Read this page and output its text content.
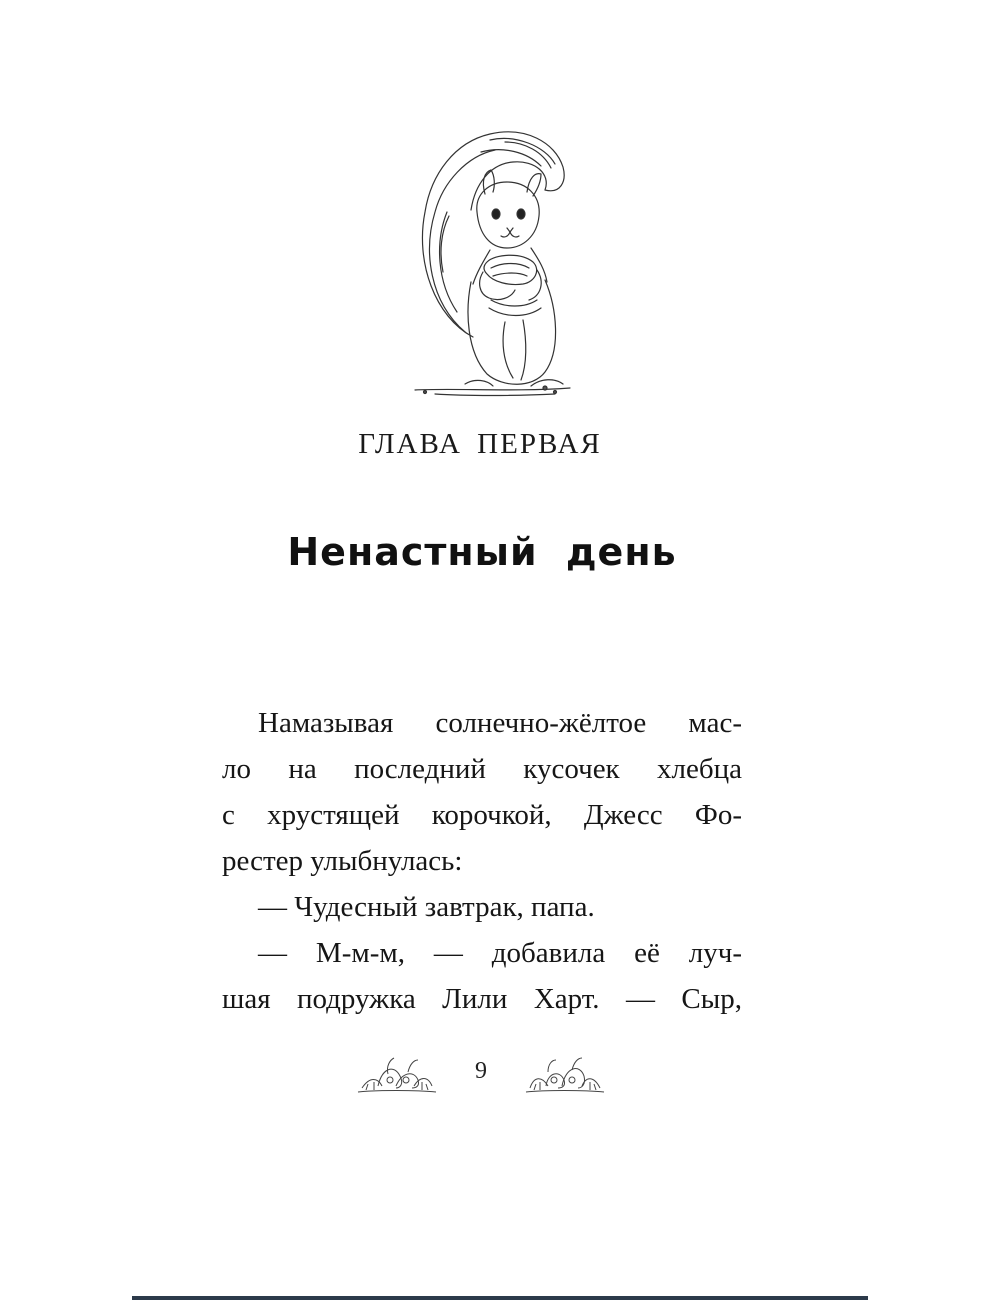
ГЛАВА ПЕРВАЯ
Ненастный день
Намазывая солнечно-жёлтое мас-
ло на последний кусочек хлебца
с хрустящей корочкой, Джесс Фо-
рестер улыбнулась:
— Чудесный завтрак, папа.
— М-м-м, — добавила её луч-
шая подружка Лили Харт. — Сыр,
9
